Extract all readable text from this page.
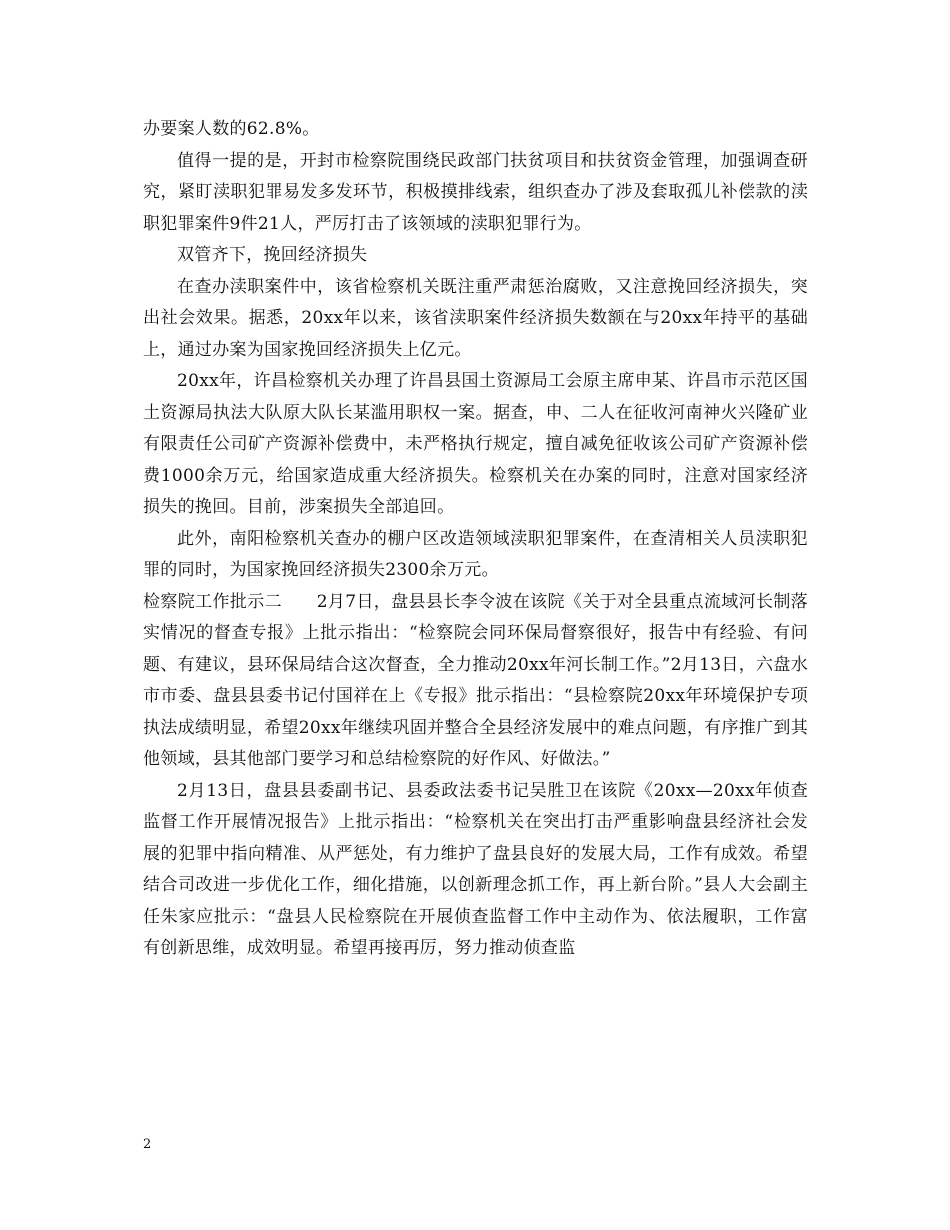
办要案人数的62.8%。

值得一提的是，开封市检察院围绕民政部门扶贫项目和扶贫资金管理，加强调查研究，紧盯渎职犯罪易发多发环节，积极摸排线索，组织查办了涉及套取孤儿补偿款的渎职犯罪案件9件21人，严厉打击了该领域的渎职犯罪行为。

双管齐下，挽回经济损失

在查办渎职案件中，该省检察机关既注重严肃惩治腐败，又注意挽回经济损失，突出社会效果。据悉，20xx年以来，该省渎职案件经济损失数额在与20xx年持平的基础上，通过办案为国家挽回经济损失上亿元。

20xx年，许昌检察机关办理了许昌县国土资源局工会原主席申某、许昌市示范区国土资源局执法大队原大队长某滥用职权一案。据查，申、二人在征收河南神火兴隆矿业有限责任公司矿产资源补偿费中，未严格执行规定，擅自减免征收该公司矿产资源补偿费1000余万元，给国家造成重大经济损失。检察机关在办案的同时，注意对国家经济损失的挽回。目前，涉案损失全部追回。

此外，南阳检察机关查办的棚户区改造领域渎职犯罪案件，在查清相关人员渎职犯罪的同时，为国家挽回经济损失2300余万元。

检察院工作批示二　　2月7日，盘县县长李令波在该院《关于对全县重点流域河长制落实情况的督查专报》上批示指出：“检察院会同环保局督察很好，报告中有经验、有问题、有建议，县环保局结合这次督查，全力推动20xx年河长制工作。”2月13日，六盘水市市委、盘县县委书记付国祥在上《专报》批示指出：“县检察院20xx年环境保护专项执法成绩明显，希望20xx年继续巩固并整合全县经济发展中的难点问题，有序推广到其他领域，县其他部门要学习和总结检察院的好作风、好做法。”

2月13日，盘县县委副书记、县委政法委书记吴胜卫在该院《20xx—20xx年侦查监督工作开展情况报告》上批示指出：“检察机关在突出打击严重影响盘县经济社会发展的犯罪中指向精准、从严惩处，有力维护了盘县良好的发展大局，工作有成效。希望结合司改进一步优化工作，细化措施，以创新理念抓工作，再上新台阶。”县人大会副主任朱家应批示：“盘县人民检察院在开展侦查监督工作中主动作为、依法履职，工作富有创新思维，成效明显。希望再接再厉，努力推动侦查监

2
